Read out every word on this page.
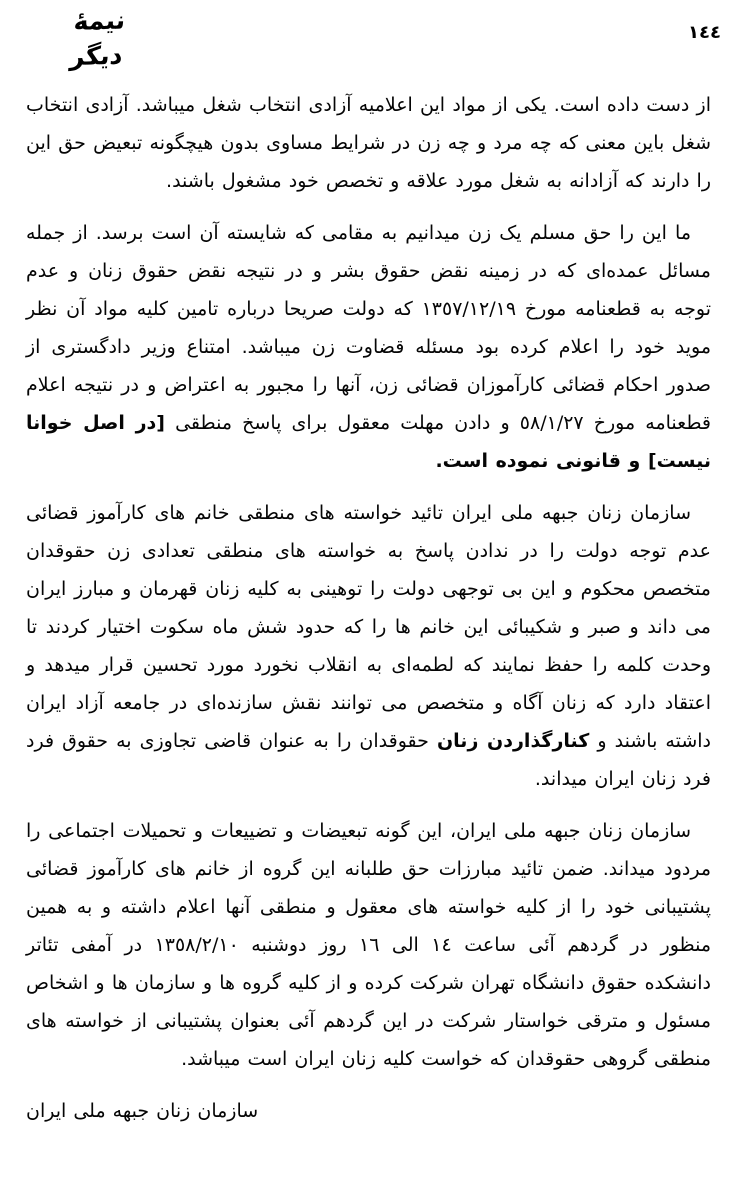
نیمهٔ دیگر
١٤٤

از دست داده است. یکی از مواد این اعلامیه آزادی انتخاب شغل میباشد. آزادی انتخاب شغل باین معنی که چه مرد و چه زن در شرایط مساوی بدون هیچگونه تبعیض حق این را دارند که آزادانه به شغل مورد علاقه و تخصص خود مشغول باشند.

ما این را حق مسلم یک زن میدانیم به مقامی که شایسته آن است برسد. از جمله مسائل عمده‌ای که در زمینه نقض حقوق بشر و در نتیجه نقض حقوق زنان و عدم توجه به قطعنامه مورخ ١٣٥٧/١٢/١٩ که دولت صریحا درباره تامین کلیه مواد آن نظر موید خود را اعلام کرده بود مسئله قضاوت زن میباشد. امتناع وزیر دادگستری از صدور احکام قضائی کارآموزان قضائی زن، آنها را مجبور به اعتراض و در نتیجه اعلام قطعنامه مورخ ٥٨/١/٢٧ و دادن مهلت معقول برای پاسخ منطقی [در اصل خوانا نیست] و قانونی نموده است.

سازمان زنان جبهه ملی ایران تائید خواسته های منطقی خانم های کارآموز قضائی عدم توجه دولت را در ندادن پاسخ به خواسته های منطقی تعدادی زن حقوقدان متخصص محکوم و این بی توجهی دولت را توهینی به کلیه زنان قهرمان و مبارز ایران می داند و صبر و شکیبائی این خانم ها را که حدود شش ماه سکوت اختیار کردند تا وحدت کلمه را حفظ نمایند که لطمه‌ای به انقلاب نخورد مورد تحسین قرار میدهد و اعتقاد دارد که زنان آگاه و متخصص می توانند نقش سازنده‌ای در جامعه آزاد ایران داشته باشند و کنارگذاردن زنان حقوقدان را به عنوان قاضی تجاوزی به حقوق فرد فرد زنان ایران میداند.

سازمان زنان جبهه ملی ایران، این گونه تبعیضات و تضییعات و تحمیلات اجتماعی را مردود میداند. ضمن تائید مبارزات حق طلبانه این گروه از خانم های کارآموز قضائی پشتیبانی خود را از کلیه خواسته های معقول و منطقی آنها اعلام داشته و به همین منظور در گردهم آئی ساعت ١٤ الی ١٦ روز دوشنبه ١٣٥٨/٢/١٠ در آمفی تئاتر دانشکده حقوق دانشگاه تهران شرکت کرده و از کلیه گروه ها و سازمان ها و اشخاص مسئول و مترقی خواستار شرکت در این گردهم آئی بعنوان پشتیبانی از خواسته های منطقی گروهی حقوقدان که خواست کلیه زنان ایران است میباشد.

سازمان زنان جبهه ملی ایران
